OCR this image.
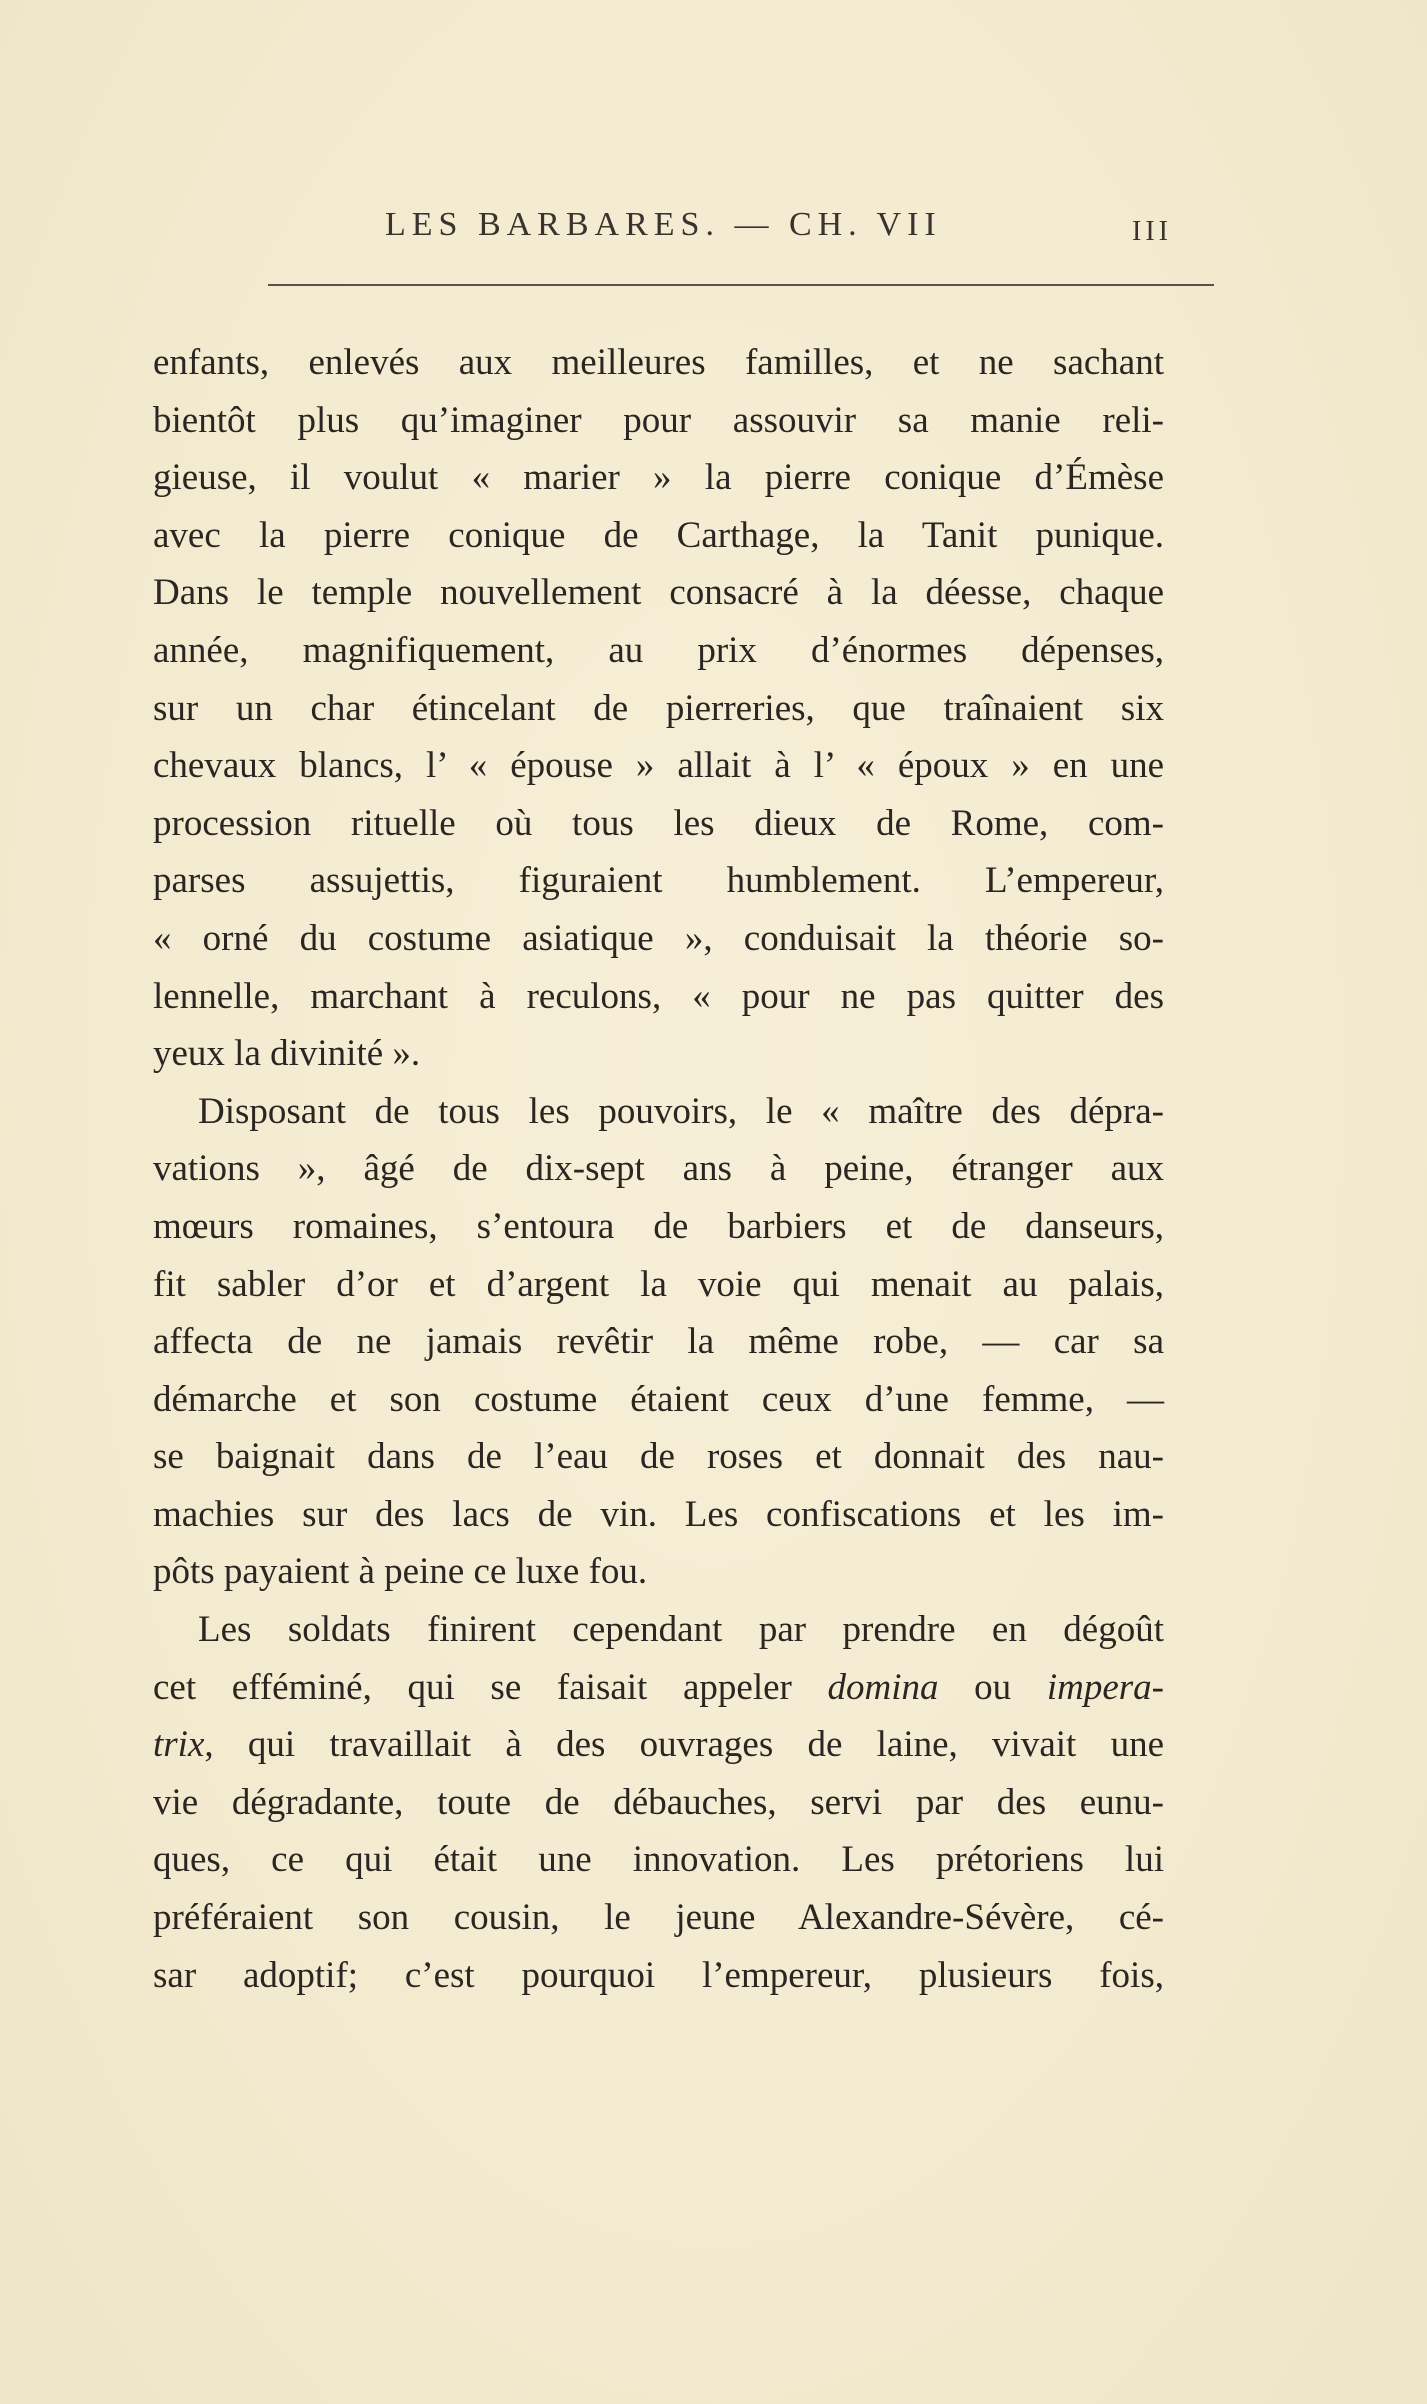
LES BARBARES. — CH. VII	III
enfants, enlevés aux meilleures familles, et ne sachant
bientôt plus qu’imaginer pour assouvir sa manie reli-
gieuse, il voulut « marier » la pierre conique d’Émèse
avec la pierre conique de Carthage, la Tanit punique.
Dans le temple nouvellement consacré à la déesse, chaque
année, magnifiquement, au prix d’énormes dépenses,
sur un char étincelant de pierreries, que traînaient six
chevaux blancs, l’ « épouse » allait à l’ « époux » en une
procession rituelle où tous les dieux de Rome, com-
parses assujettis, figuraient humblement. L’empereur,
« orné du costume asiatique », conduisait la théorie so-
lennelle, marchant à reculons, « pour ne pas quitter des
yeux la divinité ».
Disposant de tous les pouvoirs, le « maître des dépra-
vations », âgé de dix-sept ans à peine, étranger aux
mœurs romaines, s’entoura de barbiers et de danseurs,
fit sabler d’or et d’argent la voie qui menait au palais,
affecta de ne jamais revêtir la même robe, — car sa
démarche et son costume étaient ceux d’une femme, —
se baignait dans de l’eau de roses et donnait des nau-
machies sur des lacs de vin. Les confiscations et les im-
pôts payaient à peine ce luxe fou.
Les soldats finirent cependant par prendre en dégoût
cet efféminé, qui se faisait appeler domina ou impera-
trix, qui travaillait à des ouvrages de laine, vivait une
vie dégradante, toute de débauches, servi par des eunu-
ques, ce qui était une innovation. Les prétoriens lui
préféraient son cousin, le jeune Alexandre-Sévère, cé-
sar adoptif; c’est pourquoi l’empereur, plusieurs fois,
